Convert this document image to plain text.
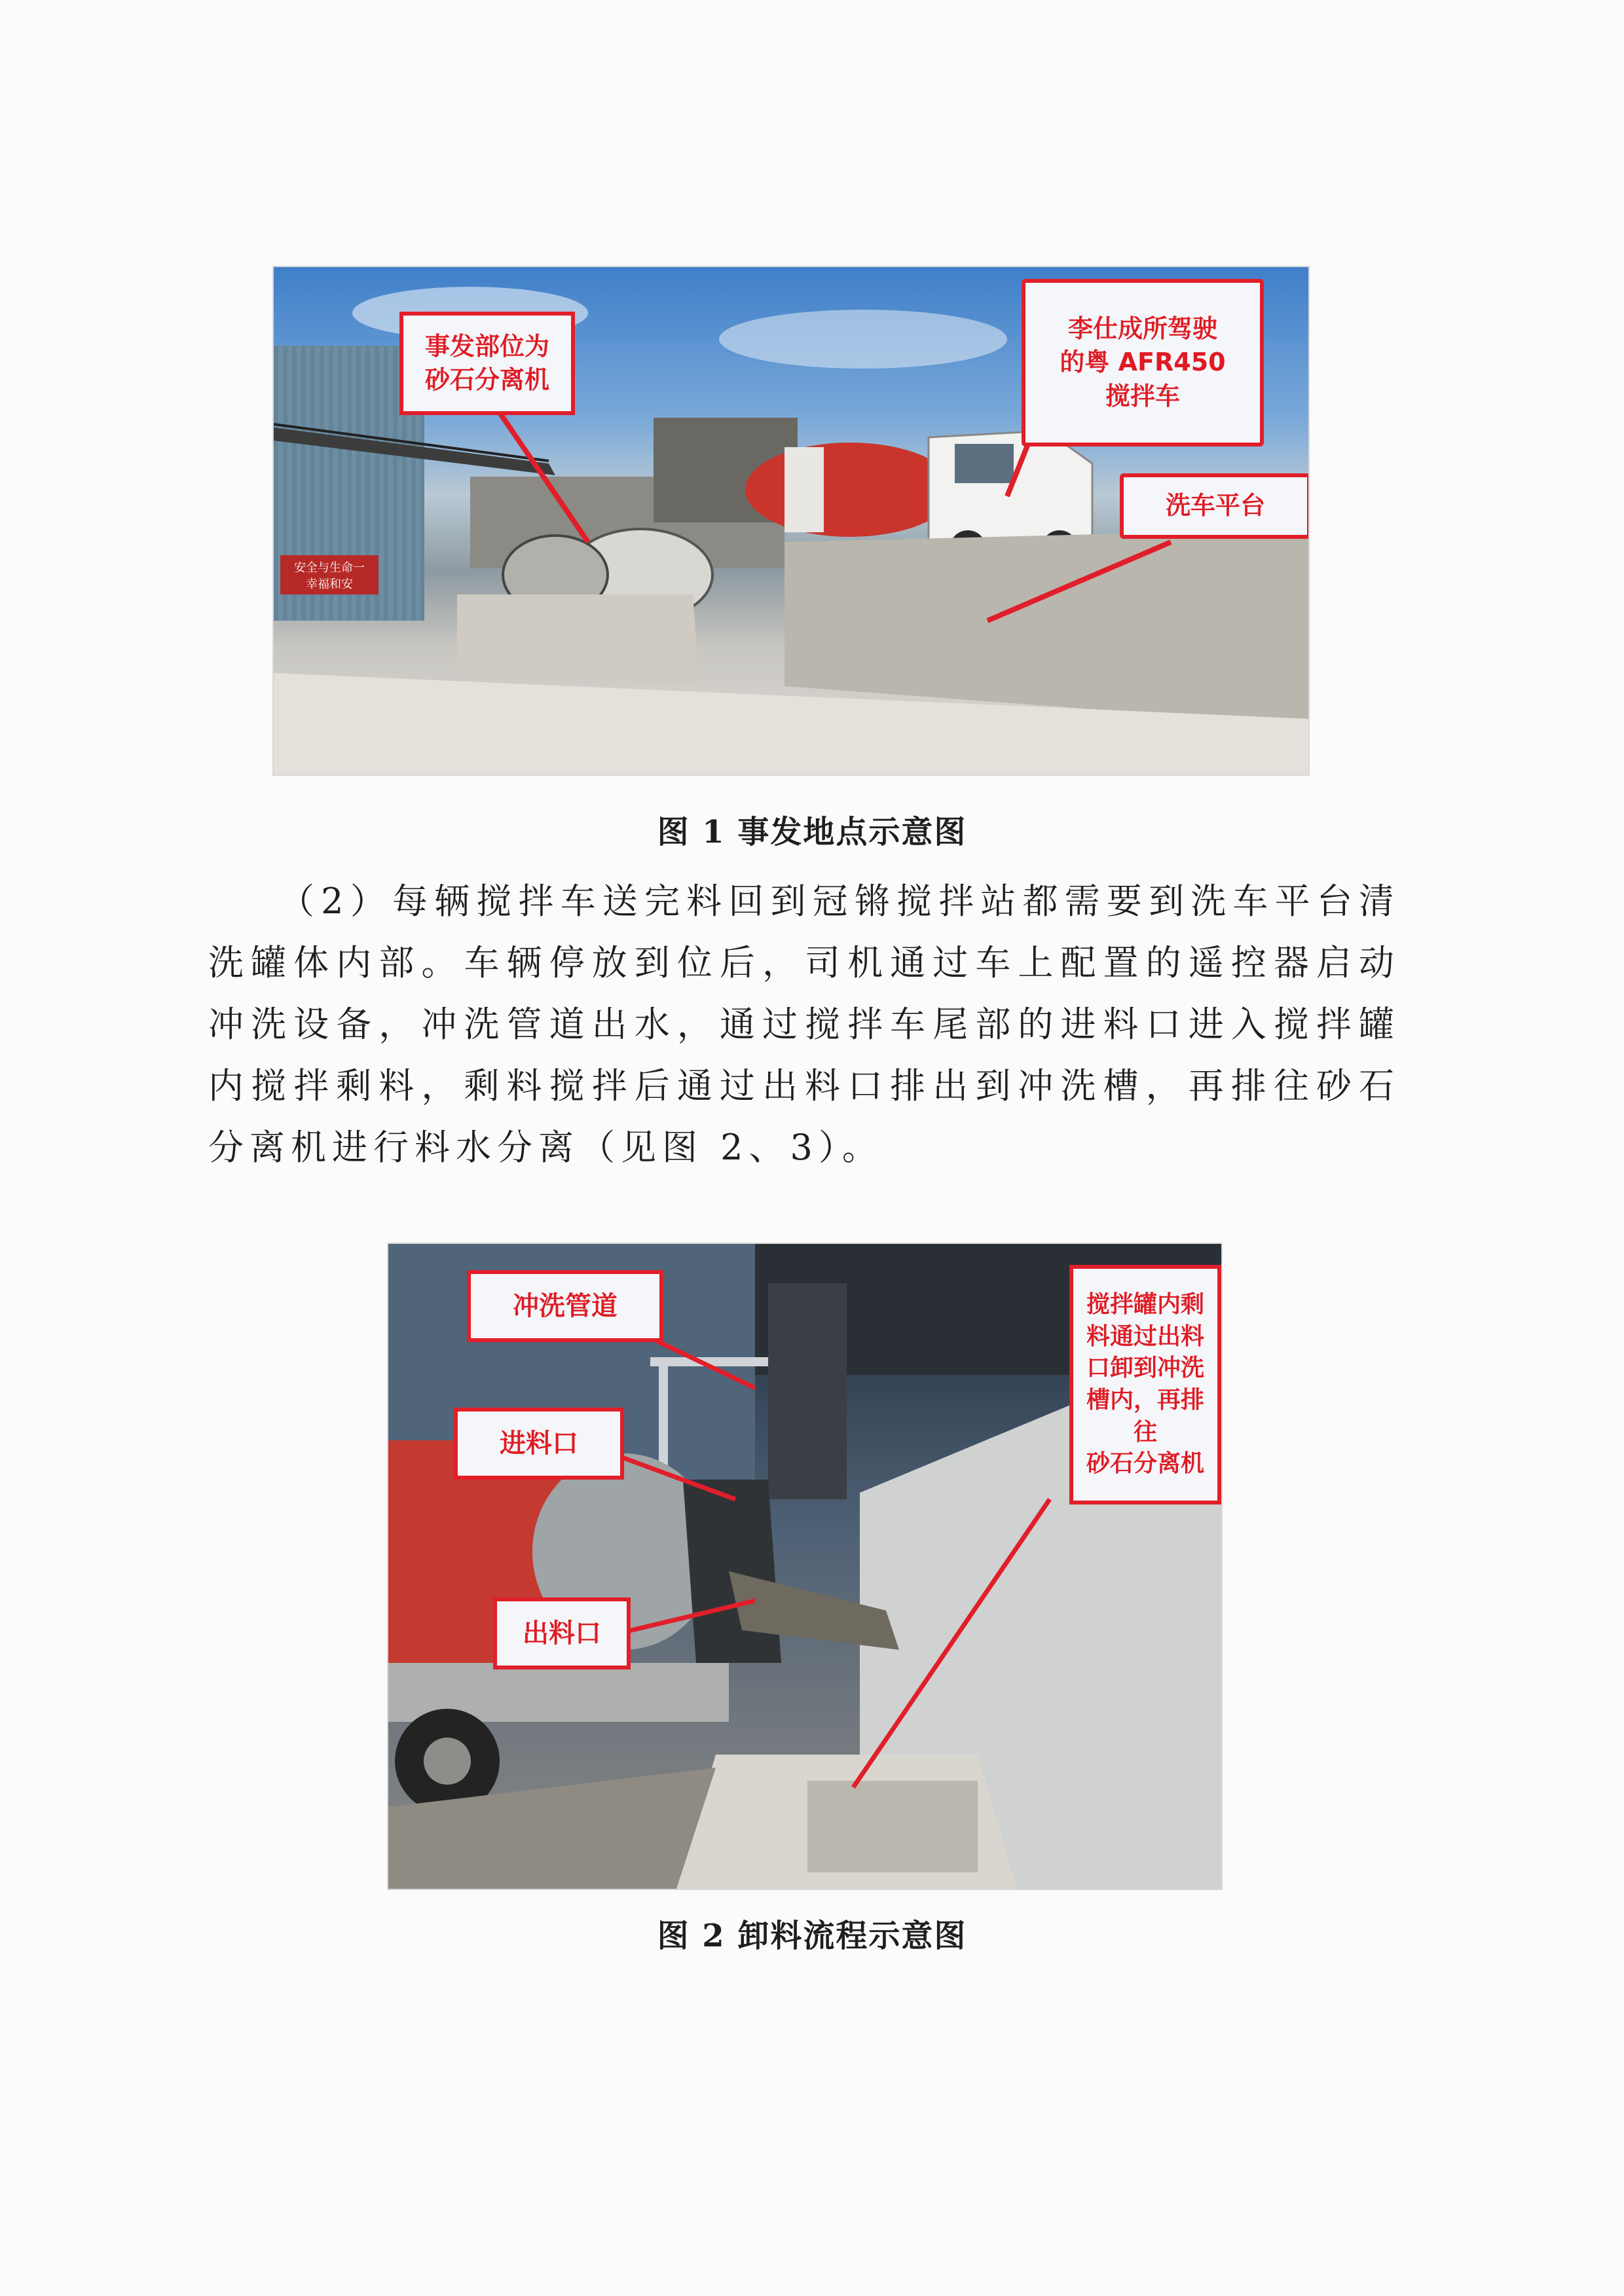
安全与生命一
幸福和安
事发部位为
砂石分离机
李仕成所驾驶
的粤 AFR450
搅拌车
洗车平台
图 1 事发地点示意图
（2）每辆搅拌车送完料回到冠锵搅拌站都需要到洗车平台清洗罐体内部。车辆停放到位后，司机通过车上配置的遥控器启动冲洗设备，冲洗管道出水，通过搅拌车尾部的进料口进入搅拌罐内搅拌剩料，剩料搅拌后通过出料口排出到冲洗槽，再排往砂石分离机进行料水分离（见图 2、3）。
冲洗管道
进料口
出料口
搅拌罐内剩
料通过出料
口卸到冲洗
槽内，再排往
砂石分离机
图 2 卸料流程示意图
